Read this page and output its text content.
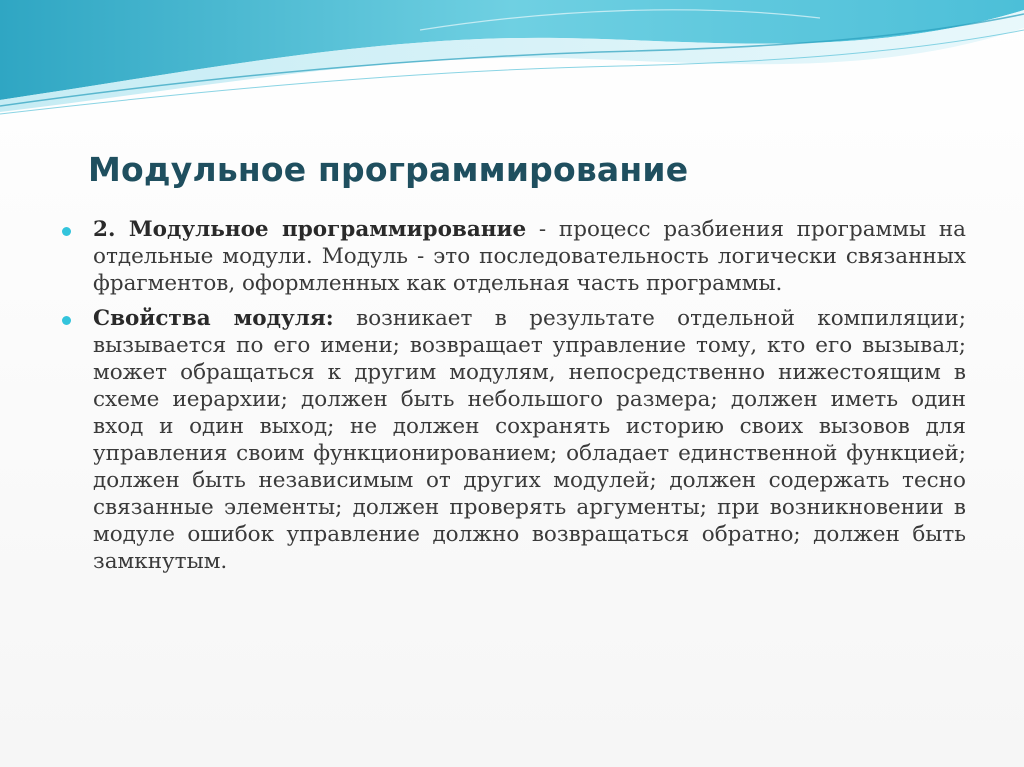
Модульное программирование

2. Модульное программирование - процесс разбиения программы на отдельные модули. Модуль - это последовательность логически связанных фрагментов, оформленных как отдельная часть программы.

Свойства модуля: возникает в результате отдельной компиляции; вызывается по его имени; возвращает управление тому, кто его вызывал; может обращаться к другим модулям, непосредственно нижестоящим в схеме иерархии; должен быть небольшого размера; должен иметь один вход и один выход; не должен сохранять историю своих вызовов для управления своим функционированием; обладает единственной функцией; должен быть независимым от других модулей; должен содержать тесно связанные элементы; должен проверять аргументы; при возникновении в модуле ошибок управление должно возвращаться обратно; должен быть замкнутым.
